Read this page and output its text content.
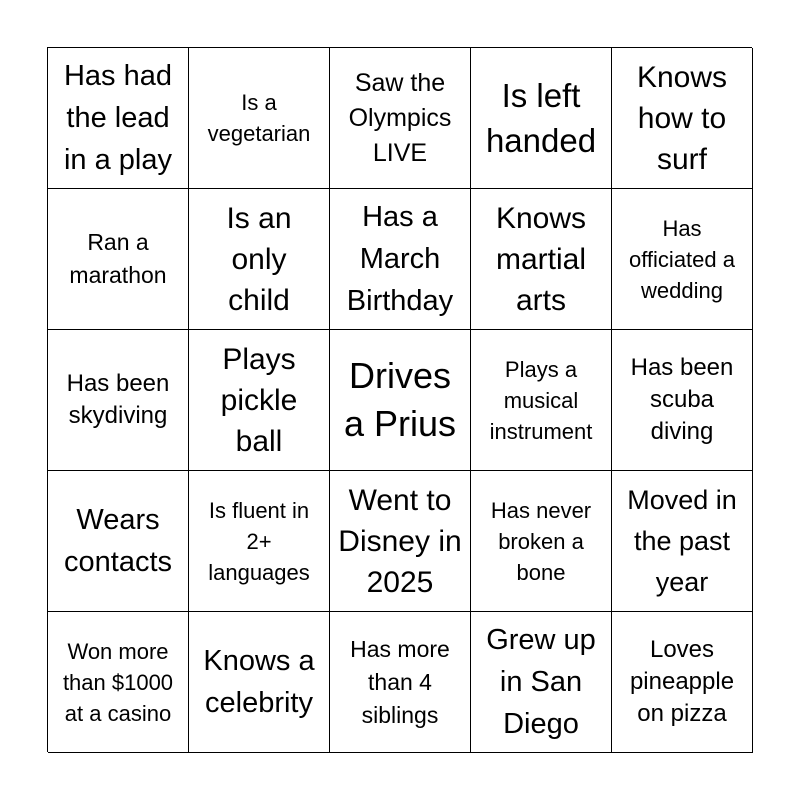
Has had the lead in a play
Is a vegetarian
Saw the Olympics LIVE
Is left handed
Knows how to surf
Ran a marathon
Is an only child
Has a March Birthday
Knows martial arts
Has officiated a wedding
Has been skydiving
Plays pickle ball
Drives a Prius
Plays a musical instrument
Has been scuba diving
Wears contacts
Is fluent in 2+ languages
Went to Disney in 2025
Has never broken a bone
Moved in the past year
Won more than $1000 at a casino
Knows a celebrity
Has more than 4 siblings
Grew up in San Diego
Loves pineapple on pizza
